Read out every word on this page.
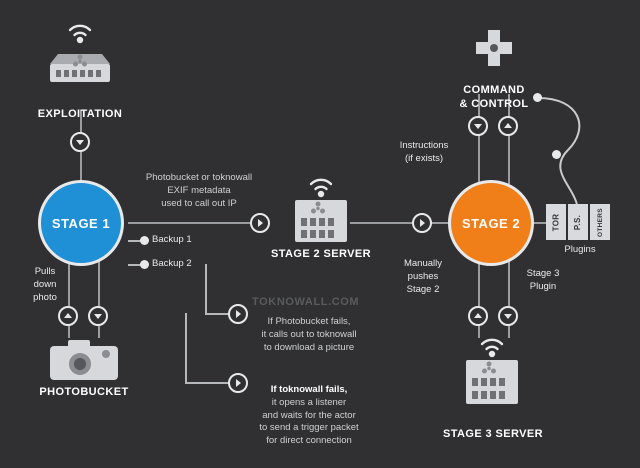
EXPLOITATION
STAGE 1
Photobucket or toknowall
EXIF metadata
used to call out IP
Backup 1
Backup 2
Pulls
down
photo
PHOTOBUCKET
STAGE 2 SERVER
COMMAND
& CONTROL
Instructions
(if exists)
STAGE 2	TOR P.S. OTHERS
Plugins
Manually
pushes
Stage 2
Stage 3
Plugin
STAGE 3 SERVER
TOKNOWALL.COM
If Photobucket fails,
it calls out to toknowall
to download a picture
If toknowall fails,
it opens a listener
and waits for the actor
to send a trigger packet
for direct connection
